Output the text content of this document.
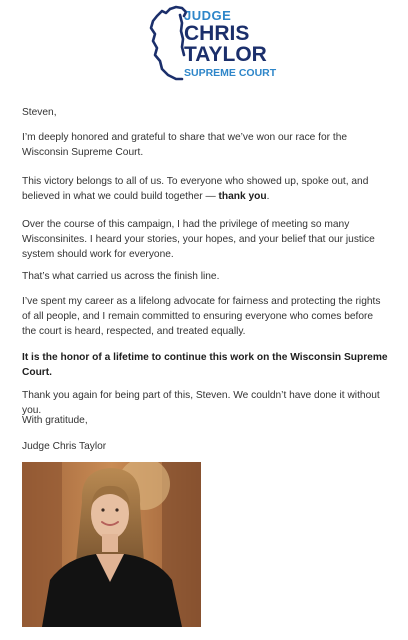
JUDGE
CHRIS
TAYLOR
SUPREME COURT

Steven,

I’m deeply honored and grateful to share that we’ve won our race for the Wisconsin Supreme Court.

This victory belongs to all of us. To everyone who showed up, spoke out, and believed in what we could build together — thank you.

Over the course of this campaign, I had the privilege of meeting so many Wisconsinites. I heard your stories, your hopes, and your belief that our justice system should work for everyone.

That’s what carried us across the finish line.

I’ve spent my career as a lifelong advocate for fairness and protecting the rights of all people, and I remain committed to ensuring everyone who comes before the court is heard, respected, and treated equally.

It is the honor of a lifetime to continue this work on the Wisconsin Supreme Court.

Thank you again for being part of this, Steven. We couldn’t have done it without you.

With gratitude,

Judge Chris Taylor
